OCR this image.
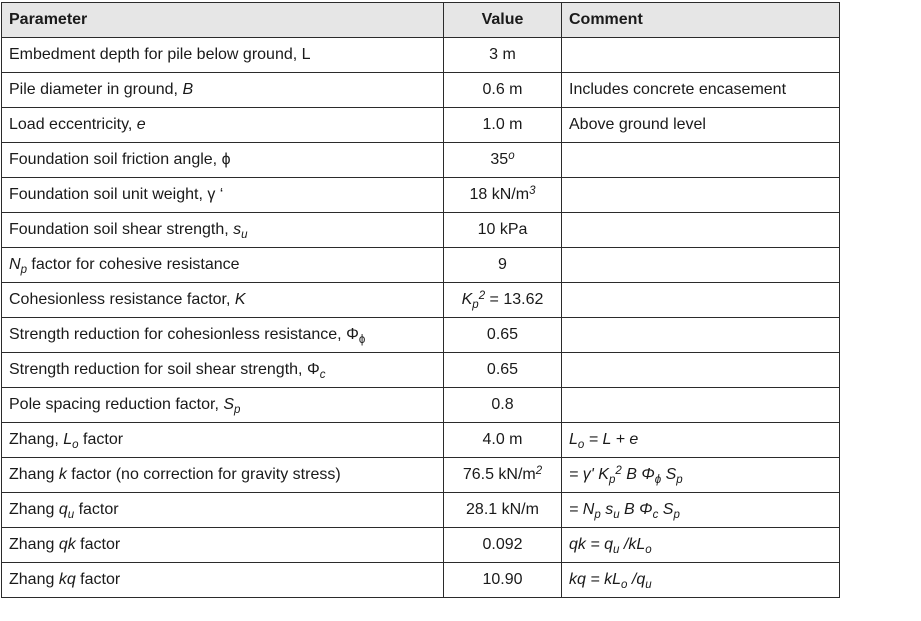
Parameter	Value	Comment
Embedment depth for pile below ground, L	3 m	
Pile diameter in ground, B	0.6 m	Includes concrete encasement
Load eccentricity, e	1.0 m	Above ground level
Foundation soil friction angle, ϕ	35$^o$	
Foundation soil unit weight, γ ‘	18 $kN/m^3$	
Foundation soil shear strength, $s_u$	10 kPa	
$N_p$ factor for cohesive resistance	9	
Cohesionless resistance factor, K	$K_p^2 = 13.62$	
Strength reduction for cohesionless resistance, $\Phi_\phi$	0.65	
Strength reduction for soil shear strength, $\Phi_c$	0.65	
Pole spacing reduction factor, $S_p$	0.8	
Zhang, $L_o$ factor	4.0 m	$L_o = L + e$
Zhang k factor (no correction for gravity stress)	76.5 $kN/m^2$	= γ' $K_p^2$ B $\Phi_\phi$ $S_p$
Zhang $q_u$ factor	28.1 kN/m	= $N_p$ $s_u$ B $\Phi_c$ $S_p$
Zhang qk factor	0.092	qk = $q_u$ $/kL_o$
Zhang kq factor	10.90	kq = $kL_o$ $/q_u$
